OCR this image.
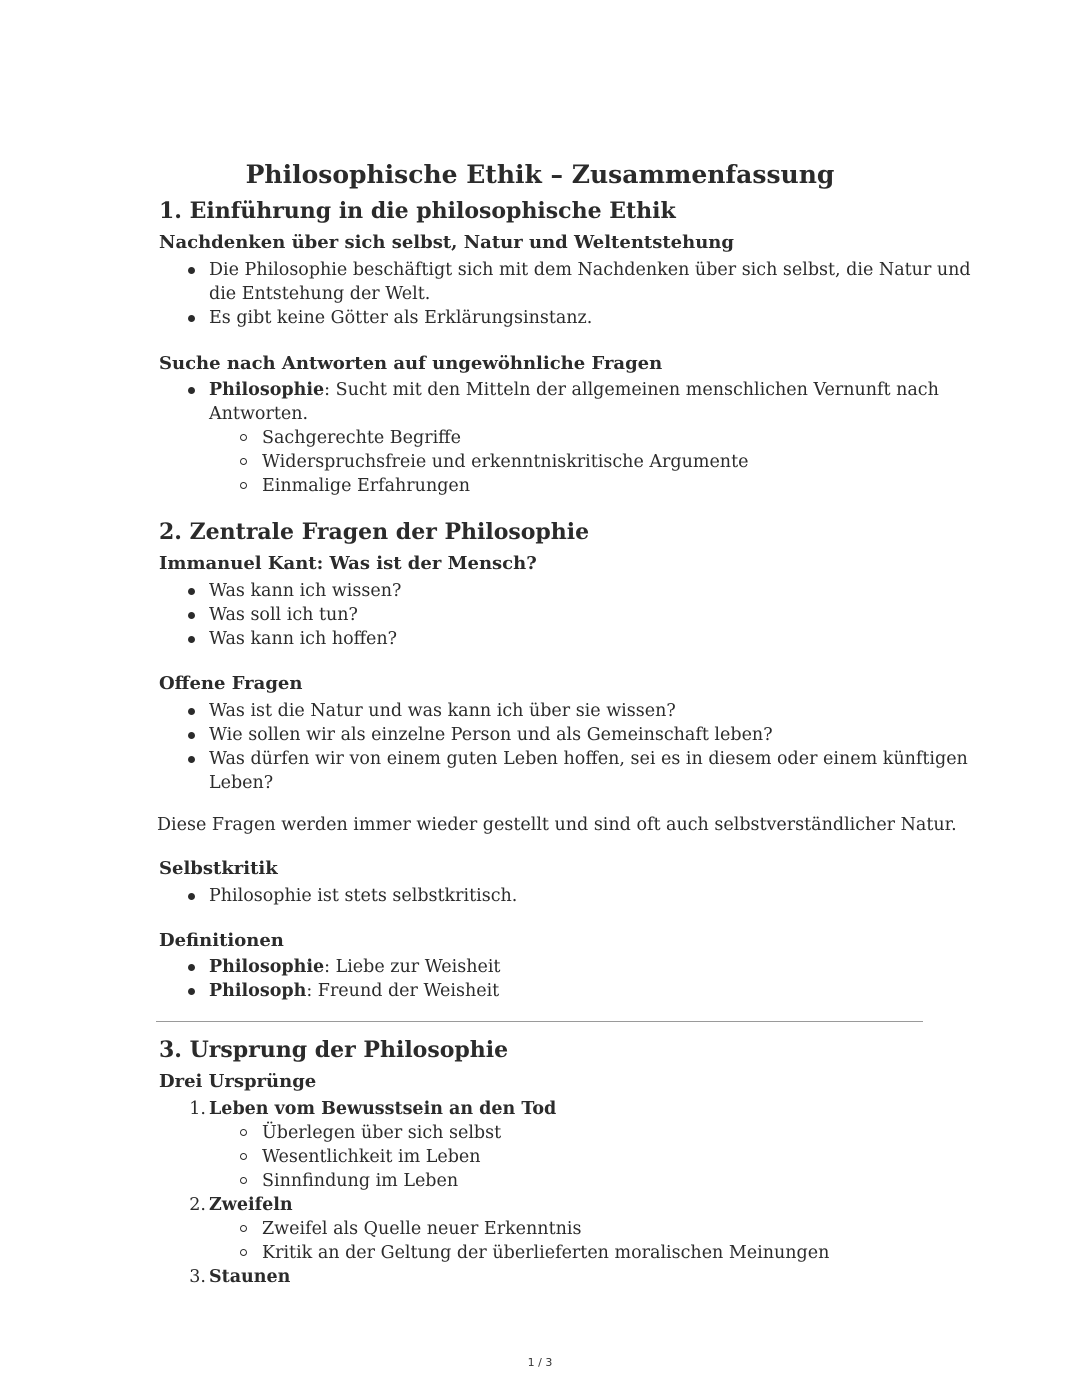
Philosophische Ethik – Zusammenfassung
1. Einführung in die philosophische Ethik
Nachdenken über sich selbst, Natur und Weltentstehung
Die Philosophie beschäftigt sich mit dem Nachdenken über sich selbst, die Natur und
die Entstehung der Welt.
Es gibt keine Götter als Erklärungsinstanz.
Suche nach Antworten auf ungewöhnliche Fragen
Philosophie: Sucht mit den Mitteln der allgemeinen menschlichen Vernunft nach
Antworten.
Sachgerechte Begriffe
Widerspruchsfreie und erkenntniskritische Argumente
Einmalige Erfahrungen
2. Zentrale Fragen der Philosophie
Immanuel Kant: Was ist der Mensch?
Was kann ich wissen?
Was soll ich tun?
Was kann ich hoffen?
Offene Fragen
Was ist die Natur und was kann ich über sie wissen?
Wie sollen wir als einzelne Person und als Gemeinschaft leben?
Was dürfen wir von einem guten Leben hoffen, sei es in diesem oder einem künftigen
Leben?
Diese Fragen werden immer wieder gestellt und sind oft auch selbstverständlicher Natur.
Selbstkritik
Philosophie ist stets selbstkritisch.
Definitionen
Philosophie: Liebe zur Weisheit
Philosoph: Freund der Weisheit
3. Ursprung der Philosophie
Drei Ursprünge
1. Leben vom Bewusstsein an den Tod
Überlegen über sich selbst
Wesentlichkeit im Leben
Sinnfindung im Leben
2. Zweifeln
Zweifel als Quelle neuer Erkenntnis
Kritik an der Geltung der überlieferten moralischen Meinungen
3. Staunen
1 / 3
